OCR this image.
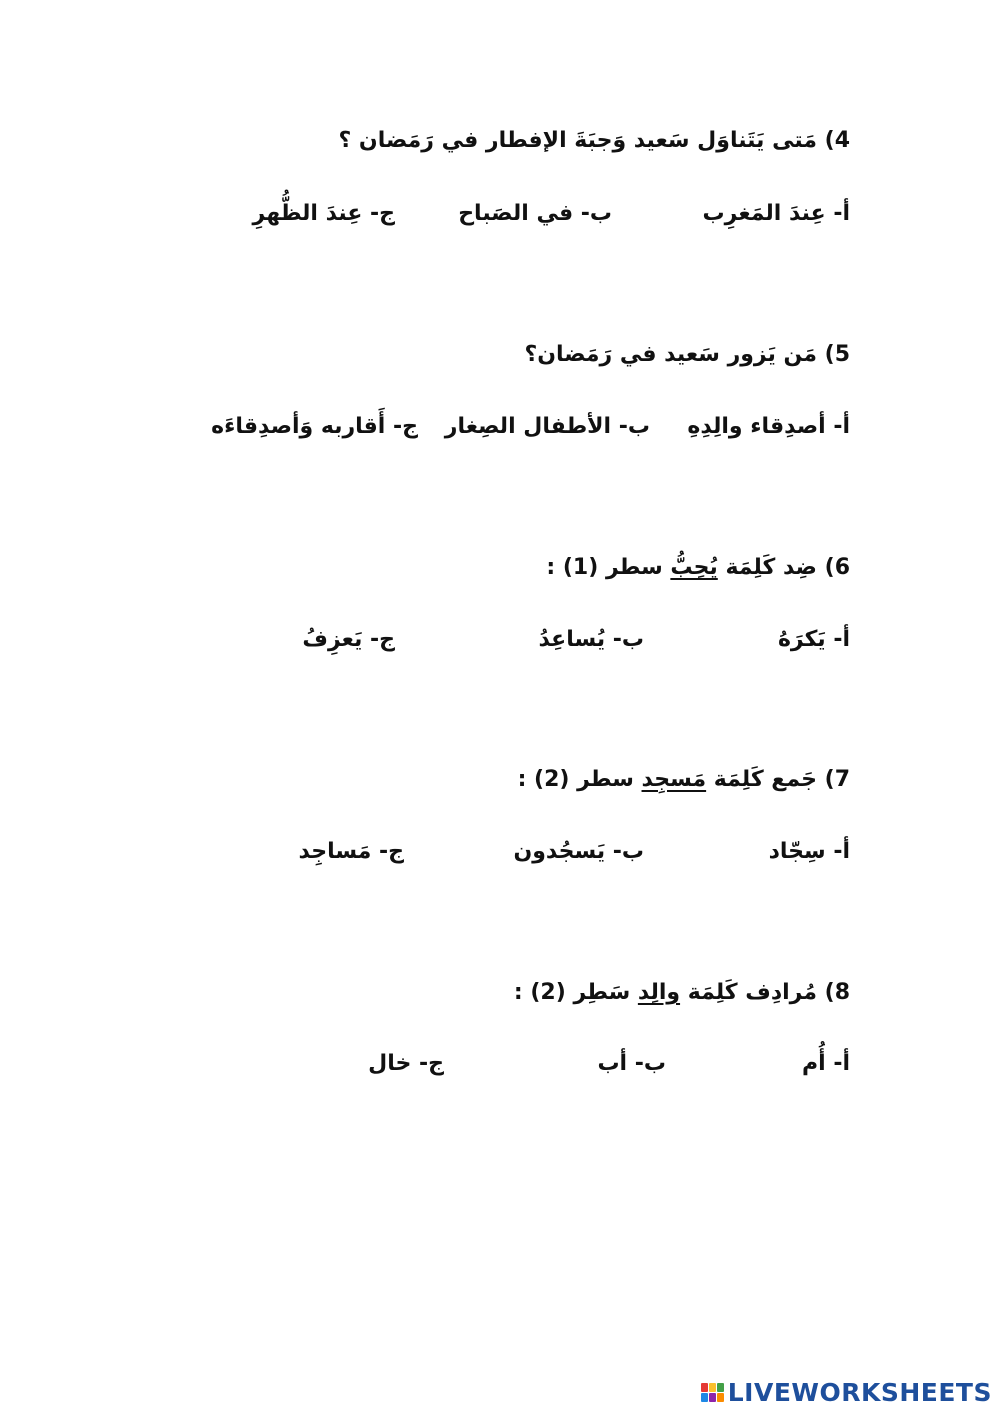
4) مَتى يَتَناوَل سَعيد وَجبَةَ الإفطار في رَمَضان ؟
أ- عِندَ المَغرِب
ب- في الصَباح
ج- عِندَ الظُّهرِ
5) مَن يَزور سَعيد في رَمَضان؟
أ- أصدِقاء والِدِهِ
ب- الأطفال الصِغار
ج- أَقاربه وَأصدِقاءَه
6) ضِد كَلِمَة يُحِبُّ سطر (1) :
أ- يَكرَهُ
ب- يُساعِدُ
ج- يَعزِفُ
7) جَمع كَلِمَة مَسجِد سطر (2) :
أ- سِجّاد
ب- يَسجُدون
ج- مَساجِد
8) مُرادِف كَلِمَة والِد سَطِر (2) :
أ- أُم
ب- أب
ج- خال
LIVEWORKSHEETS
